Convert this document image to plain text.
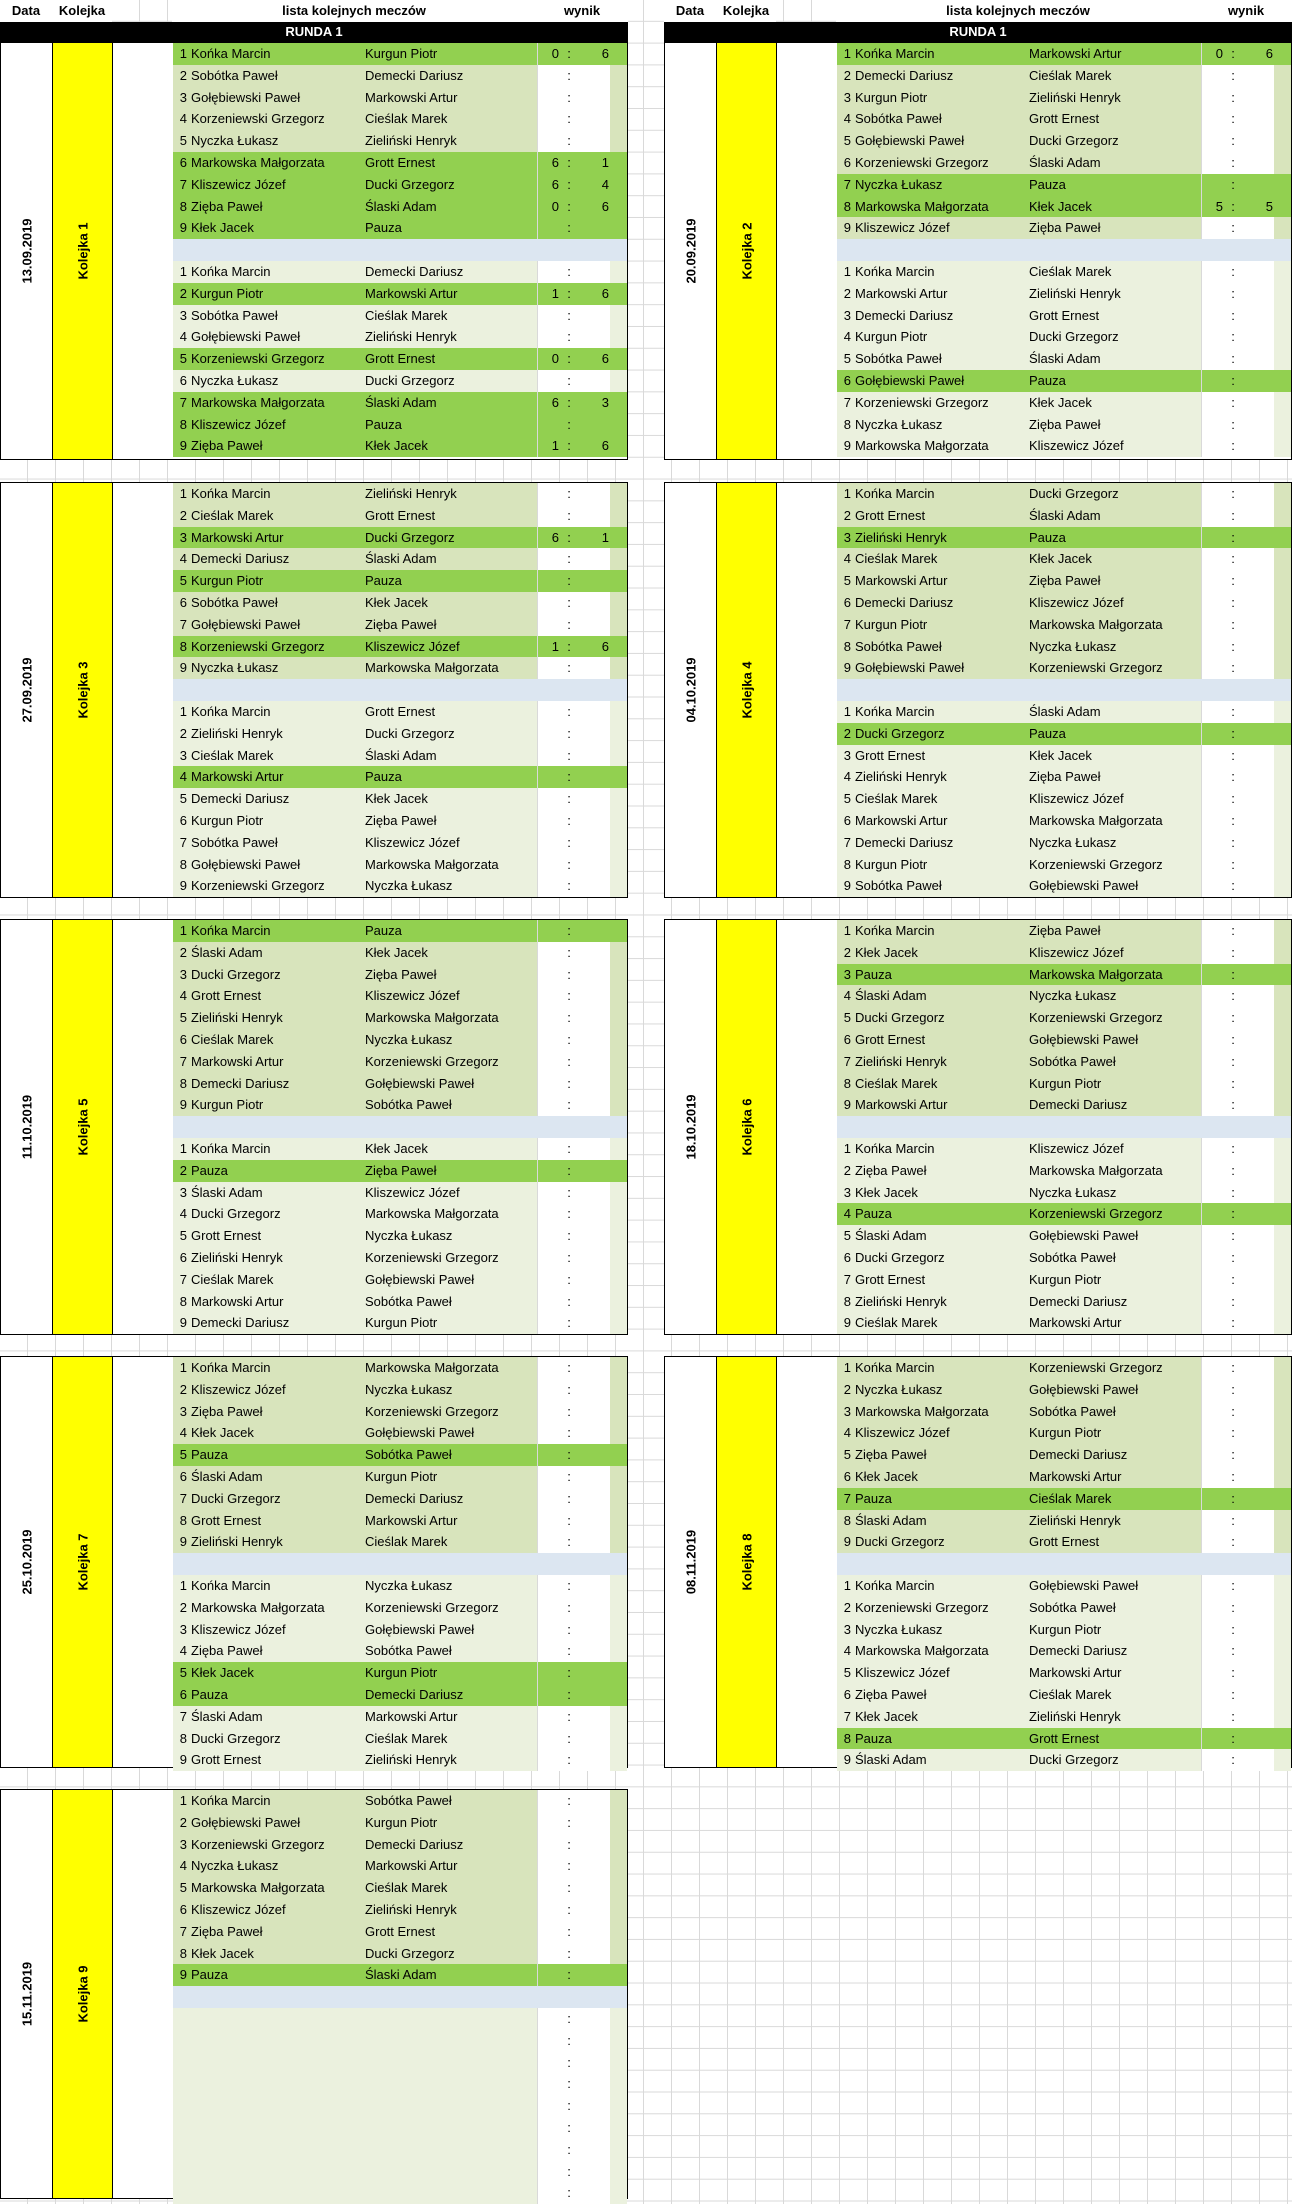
Data	Kolejka	lista kolejnych meczów	wynik
RUNDA 1
Data	Kolejka	lista kolejnych meczów	wynik
RUNDA 1
13.09.2019	Kolejka 1
1 Końka Marcin	Kurgun Piotr	0 :	6
2 Sobótka Paweł	Demecki Dariusz	:
3 Gołębiewski Paweł	Markowski Artur	:
4 Korzeniewski Grzegorz	Cieślak Marek	:
5 Nyczka Łukasz	Zieliński Henryk	:
6 Markowska Małgorzata	Grott Ernest	6 :	1
7 Kliszewicz Józef	Ducki Grzegorz	6 :	4
8 Zięba Paweł	Ślaski Adam	0 :	6
9 Kłek Jacek	Pauza	:
1 Końka Marcin	Demecki Dariusz	:
2 Kurgun Piotr	Markowski Artur	1 :	6
3 Sobótka Paweł	Cieślak Marek	:
4 Gołębiewski Paweł	Zieliński Henryk	:
5 Korzeniewski Grzegorz	Grott Ernest	0 :	6
6 Nyczka Łukasz	Ducki Grzegorz	:
7 Markowska Małgorzata	Ślaski Adam	6 :	3
8 Kliszewicz Józef	Pauza	:
9 Zięba Paweł	Kłek Jacek	1 :	6
20.09.2019	Kolejka 2
1 Końka Marcin	Markowski Artur	0 :	6
2 Demecki Dariusz	Cieślak Marek	:
3 Kurgun Piotr	Zieliński Henryk	:
4 Sobótka Paweł	Grott Ernest	:
5 Gołębiewski Paweł	Ducki Grzegorz	:
6 Korzeniewski Grzegorz	Ślaski Adam	:
7 Nyczka Łukasz	Pauza	:
8 Markowska Małgorzata	Kłek Jacek	5 :	5
9 Kliszewicz Józef	Zięba Paweł	:
1 Końka Marcin	Cieślak Marek	:
2 Markowski Artur	Zieliński Henryk	:
3 Demecki Dariusz	Grott Ernest	:
4 Kurgun Piotr	Ducki Grzegorz	:
5 Sobótka Paweł	Ślaski Adam	:
6 Gołębiewski Paweł	Pauza	:
7 Korzeniewski Grzegorz	Kłek Jacek	:
8 Nyczka Łukasz	Zięba Paweł	:
9 Markowska Małgorzata	Kliszewicz Józef	:
27.09.2019	Kolejka 3
1 Końka Marcin	Zieliński Henryk	:
2 Cieślak Marek	Grott Ernest	:
3 Markowski Artur	Ducki Grzegorz	6 :	1
4 Demecki Dariusz	Ślaski Adam	:
5 Kurgun Piotr	Pauza	:
6 Sobótka Paweł	Kłek Jacek	:
7 Gołębiewski Paweł	Zięba Paweł	:
8 Korzeniewski Grzegorz	Kliszewicz Józef	1 :	6
9 Nyczka Łukasz	Markowska Małgorzata	:
1 Końka Marcin	Grott Ernest	:
2 Zieliński Henryk	Ducki Grzegorz	:
3 Cieślak Marek	Ślaski Adam	:
4 Markowski Artur	Pauza	:
5 Demecki Dariusz	Kłek Jacek	:
6 Kurgun Piotr	Zięba Paweł	:
7 Sobótka Paweł	Kliszewicz Józef	:
8 Gołębiewski Paweł	Markowska Małgorzata	:
9 Korzeniewski Grzegorz	Nyczka Łukasz	:
04.10.2019	Kolejka 4
1 Końka Marcin	Ducki Grzegorz	:
2 Grott Ernest	Ślaski Adam	:
3 Zieliński Henryk	Pauza	:
4 Cieślak Marek	Kłek Jacek	:
5 Markowski Artur	Zięba Paweł	:
6 Demecki Dariusz	Kliszewicz Józef	:
7 Kurgun Piotr	Markowska Małgorzata	:
8 Sobótka Paweł	Nyczka Łukasz	:
9 Gołębiewski Paweł	Korzeniewski Grzegorz	:
1 Końka Marcin	Ślaski Adam	:
2 Ducki Grzegorz	Pauza	:
3 Grott Ernest	Kłek Jacek	:
4 Zieliński Henryk	Zięba Paweł	:
5 Cieślak Marek	Kliszewicz Józef	:
6 Markowski Artur	Markowska Małgorzata	:
7 Demecki Dariusz	Nyczka Łukasz	:
8 Kurgun Piotr	Korzeniewski Grzegorz	:
9 Sobótka Paweł	Gołębiewski Paweł	:
11.10.2019	Kolejka 5
1 Końka Marcin	Pauza	:
2 Ślaski Adam	Kłek Jacek	:
3 Ducki Grzegorz	Zięba Paweł	:
4 Grott Ernest	Kliszewicz Józef	:
5 Zieliński Henryk	Markowska Małgorzata	:
6 Cieślak Marek	Nyczka Łukasz	:
7 Markowski Artur	Korzeniewski Grzegorz	:
8 Demecki Dariusz	Gołębiewski Paweł	:
9 Kurgun Piotr	Sobótka Paweł	:
1 Końka Marcin	Kłek Jacek	:
2 Pauza	Zięba Paweł	:
3 Ślaski Adam	Kliszewicz Józef	:
4 Ducki Grzegorz	Markowska Małgorzata	:
5 Grott Ernest	Nyczka Łukasz	:
6 Zieliński Henryk	Korzeniewski Grzegorz	:
7 Cieślak Marek	Gołębiewski Paweł	:
8 Markowski Artur	Sobótka Paweł	:
9 Demecki Dariusz	Kurgun Piotr	:
18.10.2019	Kolejka 6
1 Końka Marcin	Zięba Paweł	:
2 Kłek Jacek	Kliszewicz Józef	:
3 Pauza	Markowska Małgorzata	:
4 Ślaski Adam	Nyczka Łukasz	:
5 Ducki Grzegorz	Korzeniewski Grzegorz	:
6 Grott Ernest	Gołębiewski Paweł	:
7 Zieliński Henryk	Sobótka Paweł	:
8 Cieślak Marek	Kurgun Piotr	:
9 Markowski Artur	Demecki Dariusz	:
1 Końka Marcin	Kliszewicz Józef	:
2 Zięba Paweł	Markowska Małgorzata	:
3 Kłek Jacek	Nyczka Łukasz	:
4 Pauza	Korzeniewski Grzegorz	:
5 Ślaski Adam	Gołębiewski Paweł	:
6 Ducki Grzegorz	Sobótka Paweł	:
7 Grott Ernest	Kurgun Piotr	:
8 Zieliński Henryk	Demecki Dariusz	:
9 Cieślak Marek	Markowski Artur	:
25.10.2019	Kolejka 7
1 Końka Marcin	Markowska Małgorzata	:
2 Kliszewicz Józef	Nyczka Łukasz	:
3 Zięba Paweł	Korzeniewski Grzegorz	:
4 Kłek Jacek	Gołębiewski Paweł	:
5 Pauza	Sobótka Paweł	:
6 Ślaski Adam	Kurgun Piotr	:
7 Ducki Grzegorz	Demecki Dariusz	:
8 Grott Ernest	Markowski Artur	:
9 Zieliński Henryk	Cieślak Marek	:
1 Końka Marcin	Nyczka Łukasz	:
2 Markowska Małgorzata	Korzeniewski Grzegorz	:
3 Kliszewicz Józef	Gołębiewski Paweł	:
4 Zięba Paweł	Sobótka Paweł	:
5 Kłek Jacek	Kurgun Piotr	:
6 Pauza	Demecki Dariusz	:
7 Ślaski Adam	Markowski Artur	:
8 Ducki Grzegorz	Cieślak Marek	:
9 Grott Ernest	Zieliński Henryk	:
08.11.2019	Kolejka 8
1 Końka Marcin	Korzeniewski Grzegorz	:
2 Nyczka Łukasz	Gołębiewski Paweł	:
3 Markowska Małgorzata	Sobótka Paweł	:
4 Kliszewicz Józef	Kurgun Piotr	:
5 Zięba Paweł	Demecki Dariusz	:
6 Kłek Jacek	Markowski Artur	:
7 Pauza	Cieślak Marek	:
8 Ślaski Adam	Zieliński Henryk	:
9 Ducki Grzegorz	Grott Ernest	:
1 Końka Marcin	Gołębiewski Paweł	:
2 Korzeniewski Grzegorz	Sobótka Paweł	:
3 Nyczka Łukasz	Kurgun Piotr	:
4 Markowska Małgorzata	Demecki Dariusz	:
5 Kliszewicz Józef	Markowski Artur	:
6 Zięba Paweł	Cieślak Marek	:
7 Kłek Jacek	Zieliński Henryk	:
8 Pauza	Grott Ernest	:
9 Ślaski Adam	Ducki Grzegorz	:
15.11.2019	Kolejka 9
1 Końka Marcin	Sobótka Paweł	:
2 Gołębiewski Paweł	Kurgun Piotr	:
3 Korzeniewski Grzegorz	Demecki Dariusz	:
4 Nyczka Łukasz	Markowski Artur	:
5 Markowska Małgorzata	Cieślak Marek	:
6 Kliszewicz Józef	Zieliński Henryk	:
7 Zięba Paweł	Grott Ernest	:
8 Kłek Jacek	Ducki Grzegorz	:
9 Pauza	Ślaski Adam	:
:
:
:
:
:
:
:
:
:
